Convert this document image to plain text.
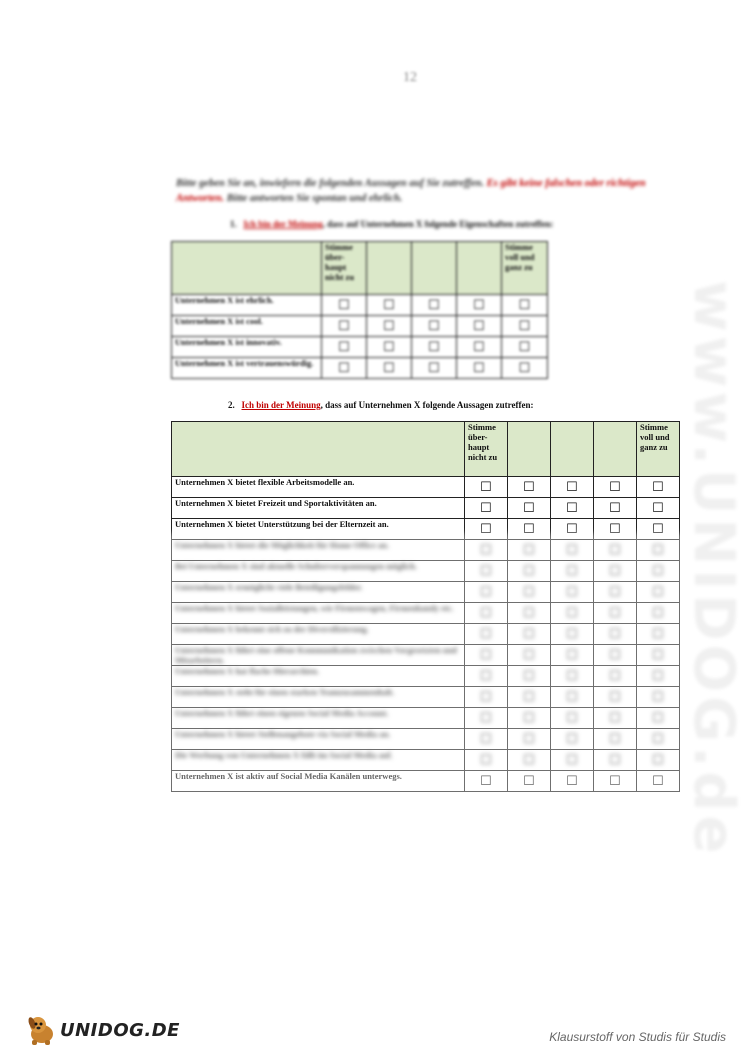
12
Bitte geben Sie an, inwiefern die folgenden Aussagen auf Sie zutreffen. Es gibt keine falschen oder richtigen Antworten. Bitte antworten Sie spontan und ehrlich.
1. Ich bin der Meinung, dass auf Unternehmen X folgende Eigenschaften zutreffen:
	Stimme über-haupt nicht zu				Stimme voll und ganz zu
Unternehmen X ist ehrlich.	☐	☐	☐	☐	☐
Unternehmen X ist cool.	☐	☐	☐	☐	☐
Unternehmen X ist innovativ.	☐	☐	☐	☐	☐
Unternehmen X ist vertrauenswürdig.	☐	☐	☐	☐	☐
2. Ich bin der Meinung, dass auf Unternehmen X folgende Aussagen zutreffen:
	Stimme über-haupt nicht zu				Stimme voll und ganz zu
Unternehmen X bietet flexible Arbeitsmodelle an.	☐	☐	☐	☐	☐
Unternehmen X bietet Freizeit und Sportaktivitäten an.	☐	☐	☐	☐	☐
Unternehmen X bietet Unterstützung bei der Elternzeit an.	☐	☐	☐	☐	☐
Unternehmen X bietet die Möglichkeit für Home Office an.	☐	☐	☐	☐	☐
Bei Unternehmen X sind aktuelle Schulterverspannungen möglich.	☐	☐	☐	☐	☐
Unternehmen X ermöglicht viele Beteiligungsfelder.	☐	☐	☐	☐	☐
Unternehmen X bietet Sozialleistungen, wie Firmenwagen, Firmenhandy etc.	☐	☐	☐	☐	☐
Unternehmen X bekennt sich zu der Diversifizierung.	☐	☐	☐	☐	☐
Unternehmen X führt eine offene Kommunikation zwischen Vorgesetzten und Mitarbeitern.	☐	☐	☐	☐	☐
Unternehmen X hat flache Hierarchien.	☐	☐	☐	☐	☐
Unternehmen X steht für einen starken Teamzusammenhalt.	☐	☐	☐	☐	☐
Unternehmen X führt einen eigenen Social Media Account.	☐	☐	☐	☐	☐
Unternehmen X bietet Stellenangebote via Social Media an.	☐	☐	☐	☐	☐
Die Werbung von Unternehmen X fällt im Social Media auf.	☐	☐	☐	☐	☐
Unternehmen X ist aktiv auf Social Media Kanälen unterwegs.	☐	☐	☐	☐	☐ www.UNIDOG.de
UNIDOG.DE	Klausurstoff von Studis für Studis
